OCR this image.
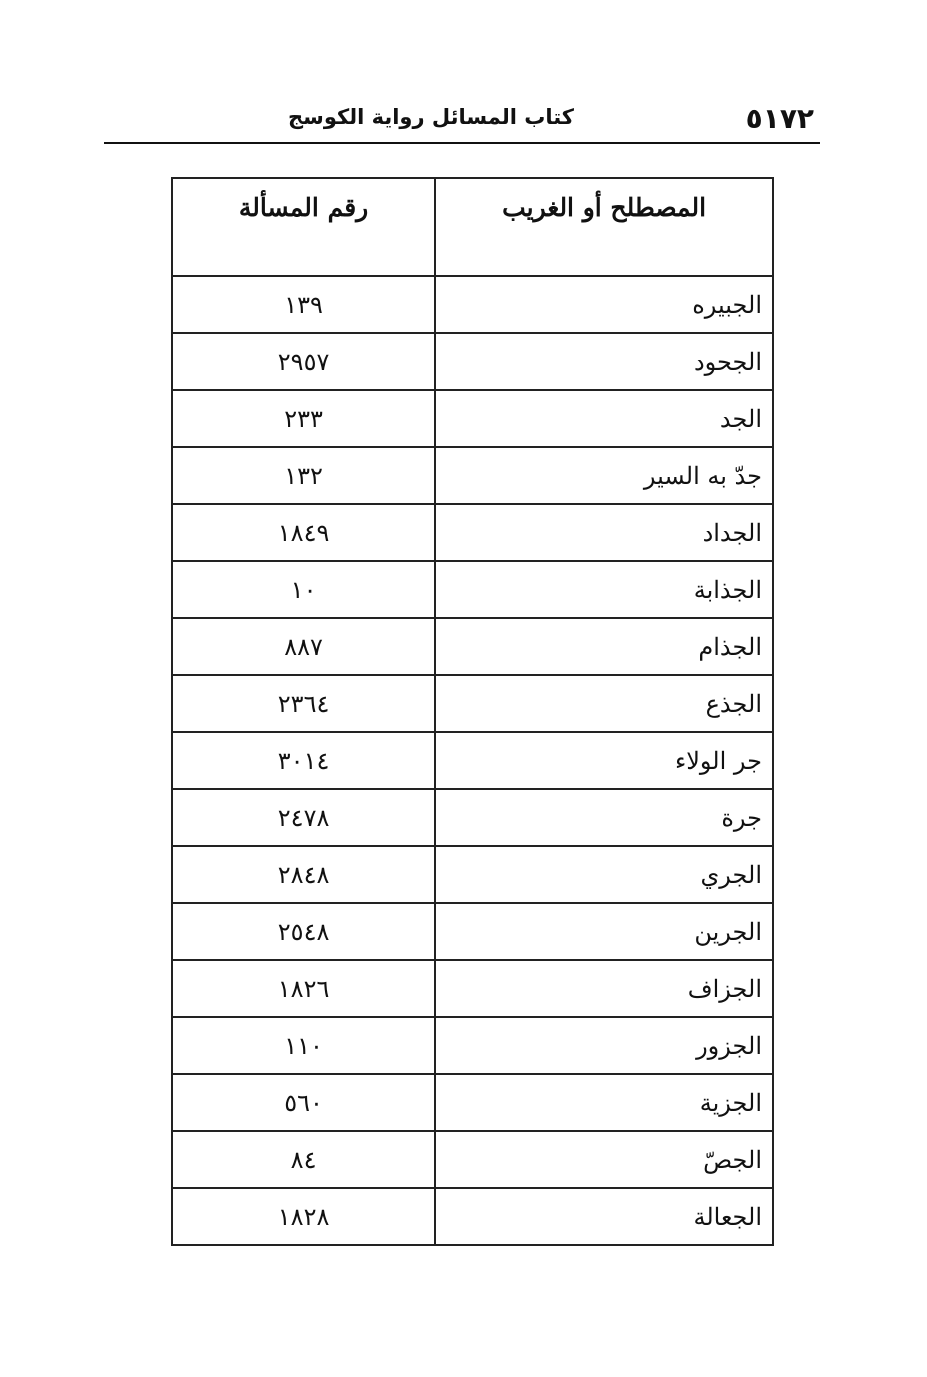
٥١٧٢
كتاب المسائل رواية الكوسج
المصطلح أو الغريب	رقم المسألة
الجبيره	١٣٩
الجحود	٢٩٥٧
الجد	٢٣٣
جدّ به السير	١٣٢
الجداد	١٨٤٩
الجذابة	١٠
الجذام	٨٨٧
الجذع	٢٣٦٤
جر الولاء	٣٠١٤
جرة	٢٤٧٨
الجري	٢٨٤٨
الجرين	٢٥٤٨
الجزاف	١٨٢٦
الجزور	١١٠
الجزية	٥٦٠
الجصّ	٨٤
الجعالة	١٨٢٨
